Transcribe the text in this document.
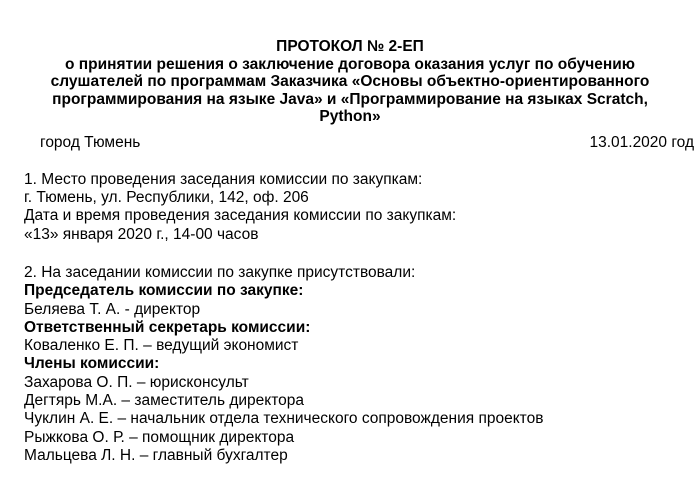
ПРОТОКОЛ № 2-ЕП
о принятии решения о заключение договора оказания услуг по обучению
слушателей по программам Заказчика «Основы объектно-ориентированного
программирования на языке Java» и «Программирование на языках Scratch,
Python»
город Тюмень	13.01.2020 год
1. Место проведения заседания комиссии по закупкам:
г. Тюмень, ул. Республики, 142, оф. 206
Дата и время проведения заседания комиссии по закупкам:
«13» января 2020 г., 14-00 часов
2. На заседании комиссии по закупке присутствовали:
Председатель комиссии по закупке:
Беляева Т. А. - директор
Ответственный секретарь комиссии:
Коваленко Е. П. – ведущий экономист
Члены комиссии:
Захарова О. П. – юрисконсульт
Дегтярь М.А. – заместитель директора
Чуклин А. Е. – начальник отдела технического сопровождения проектов
Рыжкова О. Р. – помощник директора
Мальцева Л. Н. – главный бухгалтер
